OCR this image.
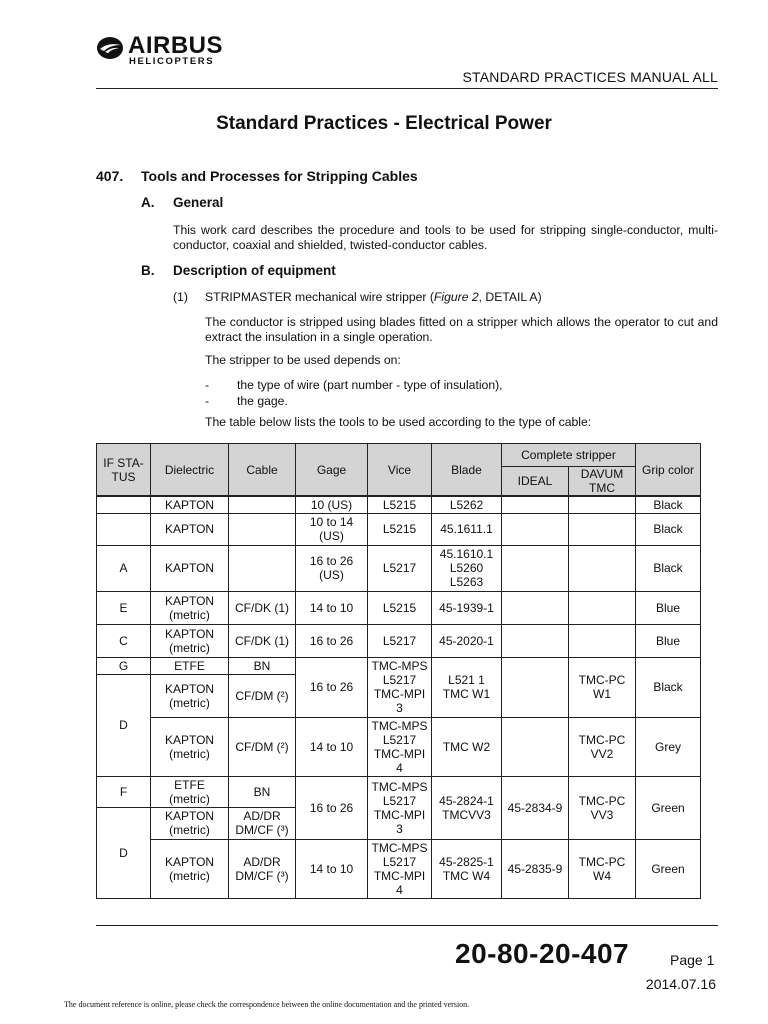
AIRBUS
HELICOPTERS
STANDARD PRACTICES MANUAL ALL
Standard Practices - Electrical Power
407. Tools and Processes for Stripping Cables
A. General
This work card describes the procedure and tools to be used for stripping single-conductor, multi-conductor, coaxial and shielded, twisted-conductor cables.
B. Description of equipment
(1) STRIPMASTER mechanical wire stripper (Figure 2, DETAIL A)
The conductor is stripped using blades fitted on a stripper which allows the operator to cut and extract the insulation in a single operation.
The stripper to be used depends on:
- the type of wire (part number - type of insulation),
- the gage.
The table below lists the tools to be used according to the type of cable:
IF STA-TUS	Dielectric	Cable	Gage	Vice	Blade	Complete stripper		Grip color
						IDEAL	DAVUM TMC	
	KAPTON		10 (US)	L5215	L5262			Black
	KAPTON		10 to 14 (US)	L5215	45.1611.1			Black
A	KAPTON		16 to 26 (US)	L5217	45.1610.1 L5260 L5263			Black
E	KAPTON (metric)	CF/DK (1)	14 to 10	L5215	45-1939-1			Blue
C	KAPTON (metric)	CF/DK (1)	16 to 26	L5217	45-2020-1			Blue
G	ETFE	BN	16 to 26	TMC-MPS L5217 TMC-MPI 3	L521 1 TMC W1		TMC-PC W1	Black
D	KAPTON (metric)	CF/DM (²)						
	KAPTON (metric)	CF/DM (²)	14 to 10	TMC-MPS L5217 TMC-MPI 4	TMC W2		TMC-PC VV2	Grey
F	ETFE (metric)	BN	16 to 26	TMC-MPS L5217 TMC-MPI 3	45-2824-1 TMCVV3	45-2834-9	TMC-PC VV3	Green
D	KAPTON (metric)	AD/DR DM/CF (³)						
	KAPTON (metric)	AD/DR DM/CF (³)	14 to 10	TMC-MPS L5217 TMC-MPI 4	45-2825-1 TMC W4	45-2835-9	TMC-PC W4	Green
20-80-20-407	Page 1
2014.07.16
The document reference is online, please check the correspondence between the online documentation and the printed version.
